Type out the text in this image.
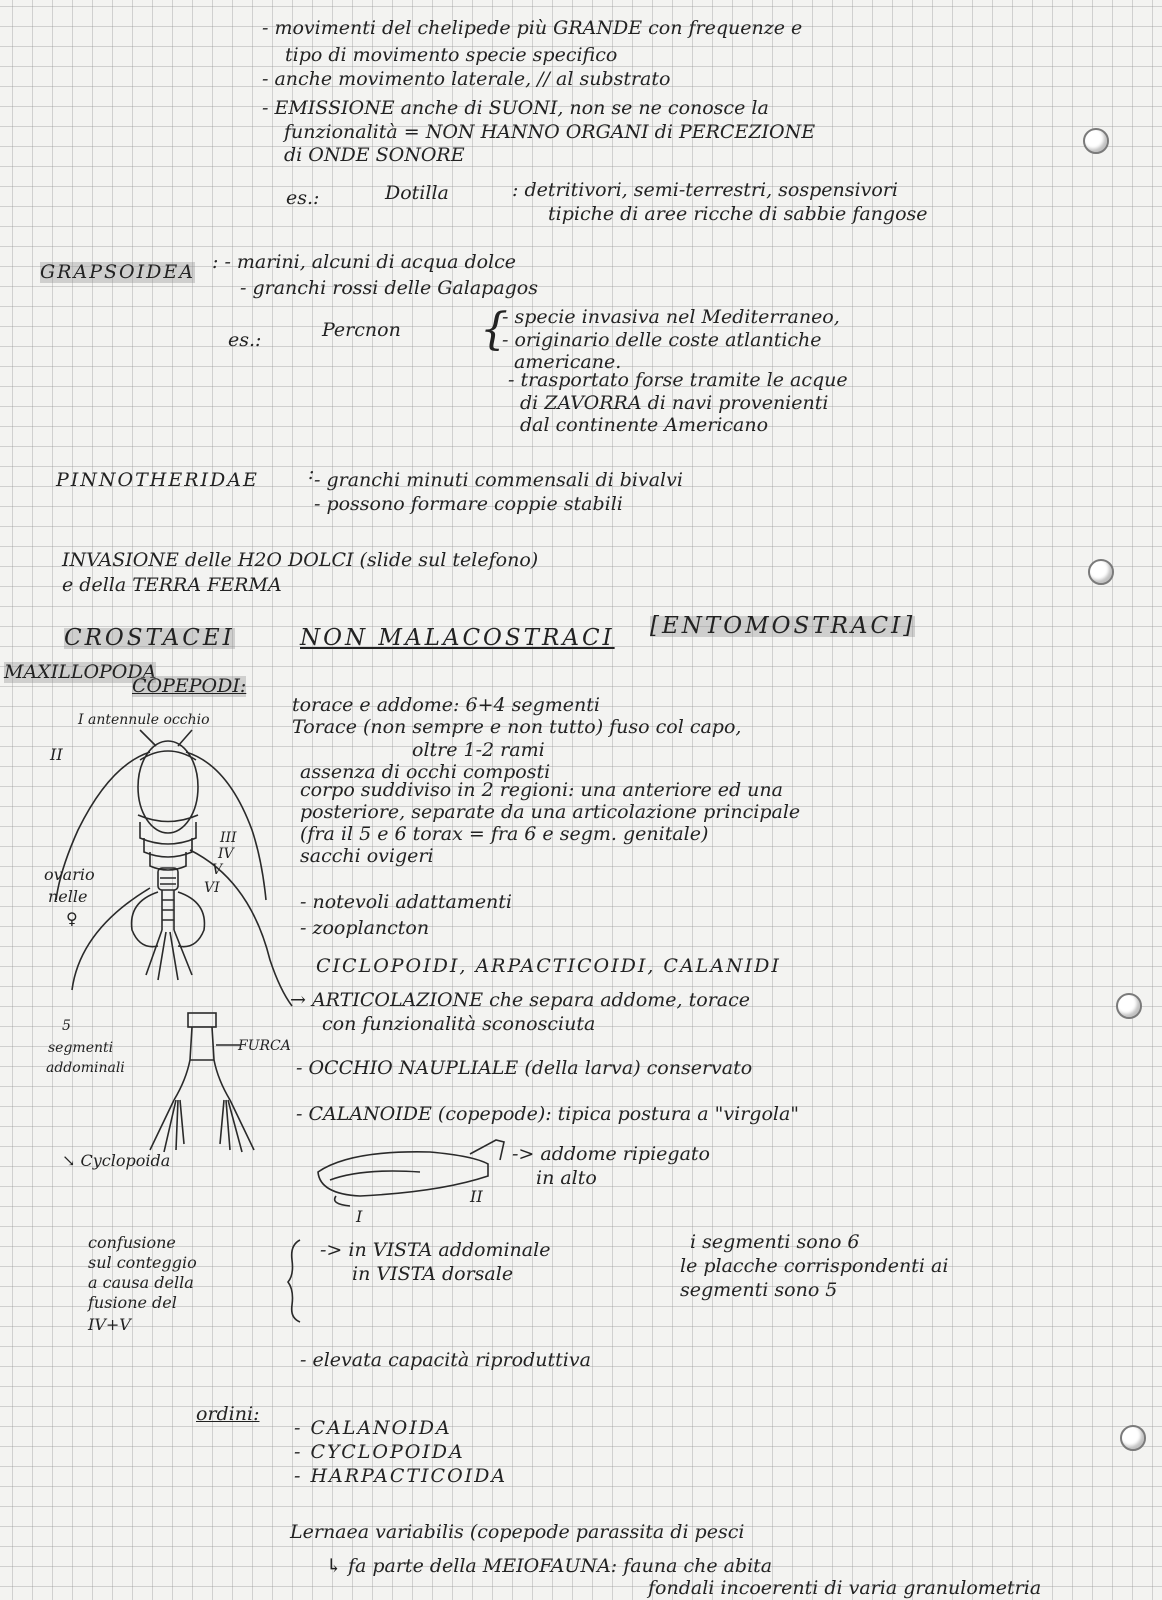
- movimenti del chelipede più GRANDE con frequenze e
tipo di movimento specie specifico
- anche movimento laterale, // al substrato
- EMISSIONE anche di SUONI, non se ne conosce la
funzionalità = NON HANNO ORGANI di PERCEZIONE
di ONDE SONORE
es.:	Dotilla	: detritivori, semi-terrestri, sospensivori
tipiche di aree ricche di sabbie fangose
GRAPSOIDEA : - marini, alcuni di acqua dolce
- granchi rossi delle Galapagos
es.:	Percnon {
- specie invasiva nel Mediterraneo,
- originario delle coste atlantiche
americane.
- trasportato forse tramite le acque
di ZAVORRA di navi provenienti
dal continente Americano
PINNOTHERIDAE	: - granchi minuti commensali di bivalvi
- possono formare coppie stabili
INVASIONE delle H2O DOLCI (slide sul telefono)
e della TERRA FERMA
CROSTACEI	NON MALACOSTRACI [ENTOMOSTRACI]
MAXILLOPODA
COPEPODI:
I antennule occhio
II
III
IV
V
VI
ovario
nelle
♀
FURCA
5
segmenti
addominali
↘ Cyclopoida
torace e addome: 6+4 segmenti
Torace (non sempre e non tutto) fuso col capo,
oltre 1-2 rami
assenza di occhi composti
corpo suddiviso in 2 regioni: una anteriore ed una
posteriore, separate da una articolazione principale
(fra il 5 e 6 torax = fra 6 e segm. genitale)
sacchi ovigeri
- notevoli adattamenti
- zooplancton
CICLOPOIDI, ARPACTICOIDI, CALANIDI
→ ARTICOLAZIONE che separa addome, torace
con funzionalità sconosciuta
- OCCHIO NAUPLIALE (della larva) conservato
- CALANOIDE (copepode): tipica postura a "virgola"
-> addome ripiegato
in alto
I
II
confusione
sul conteggio
a causa della
fusione del
IV+V
-> in VISTA addominale
in VISTA dorsale
i segmenti sono 6
le placche corrispondenti ai
segmenti sono 5
- elevata capacità riproduttiva
ordini:
- CALANOIDA
- CYCLOPOIDA
- HARPACTICOIDA
Lernaea variabilis (copepode parassita di pesci
↳ fa parte della MEIOFAUNA: fauna che abita
fondali incoerenti di varia granulometria
